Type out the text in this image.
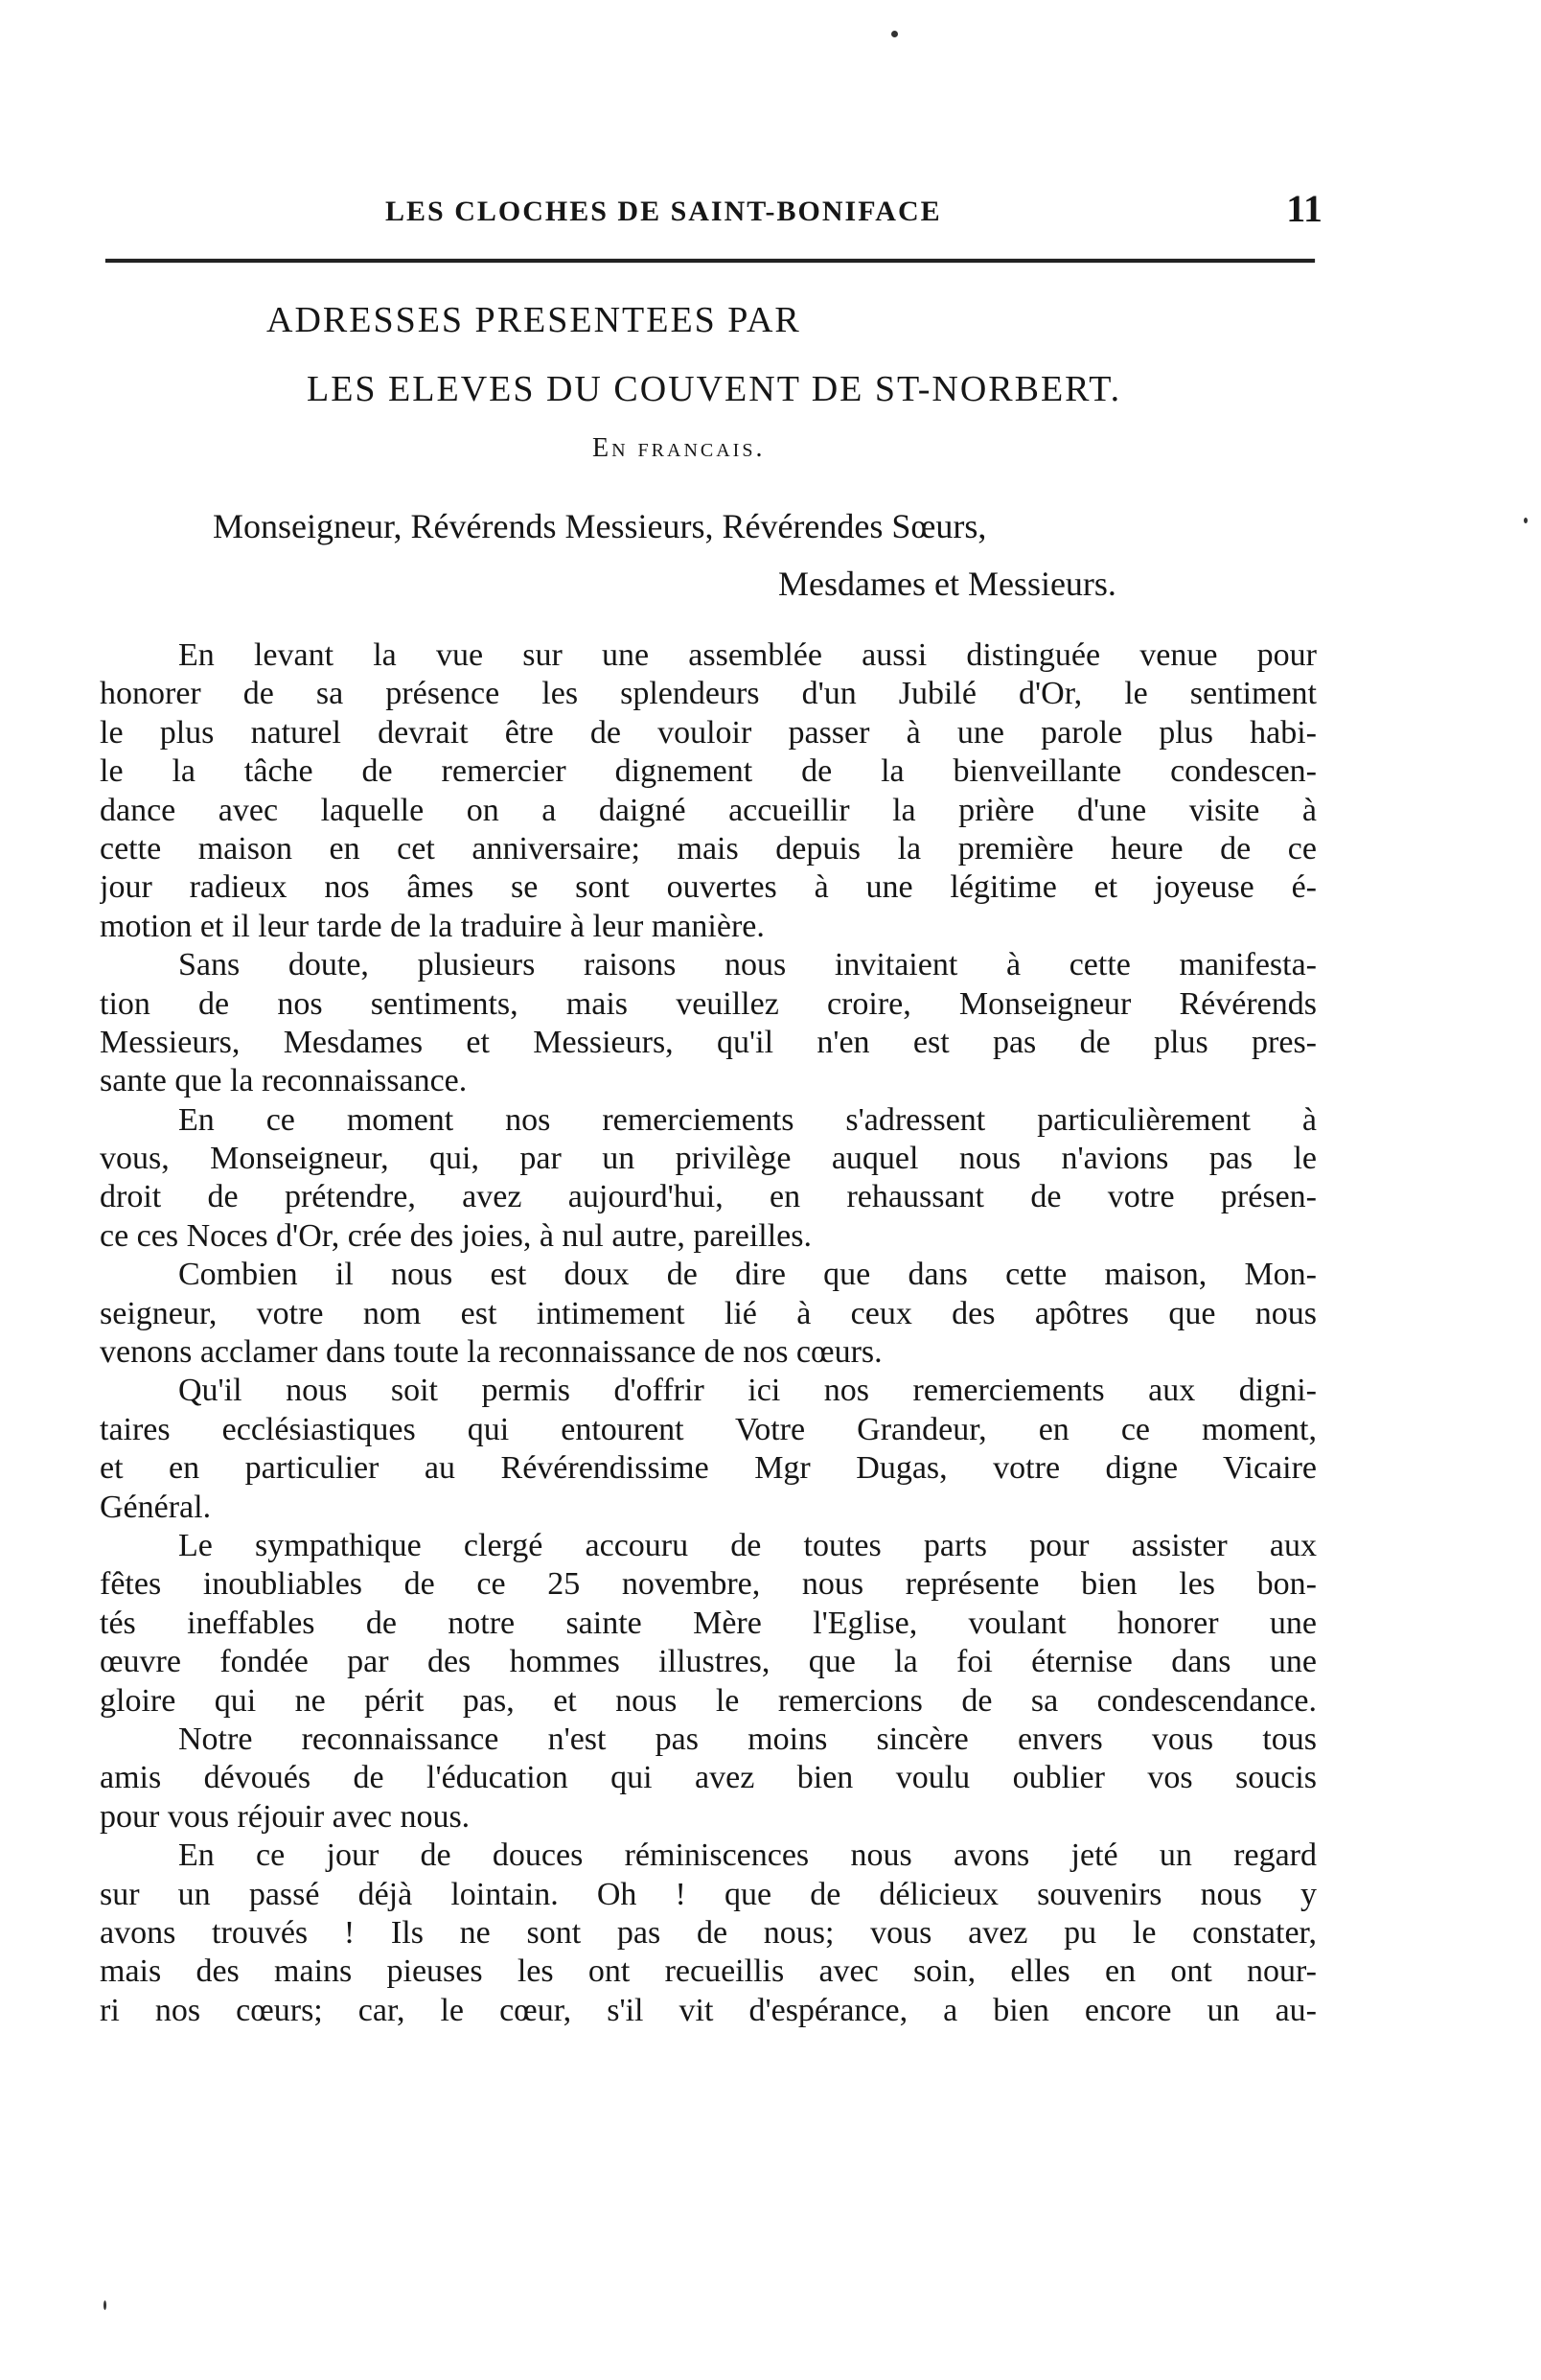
LES CLOCHES DE SAINT-BONIFACE	11
ADRESSES PRESENTEES PAR
LES ELEVES DU COUVENT DE ST-NORBERT.
En francais.
Monseigneur, Révérends Messieurs, Révérendes Sœurs,
Mesdames et Messieurs.
En levant la vue sur une assemblée aussi distinguée venue pour
honorer de sa présence les splendeurs d'un Jubilé d'Or, le sentiment
le plus naturel devrait être de vouloir passer à une parole plus habi-
le la tâche de remercier dignement de la bienveillante condescen-
dance avec laquelle on a daigné accueillir la prière d'une visite à
cette maison en cet anniversaire; mais depuis la première heure de ce
jour radieux nos âmes se sont ouvertes à une légitime et joyeuse é-
motion et il leur tarde de la traduire à leur manière.
Sans doute, plusieurs raisons nous invitaient à cette manifesta-
tion de nos sentiments, mais veuillez croire, Monseigneur Révérends
Messieurs, Mesdames et Messieurs, qu'il n'en est pas de plus pres-
sante que la reconnaissance.
En ce moment nos remerciements s'adressent particulièrement à
vous, Monseigneur, qui, par un privilège auquel nous n'avions pas le
droit de prétendre, avez aujourd'hui, en rehaussant de votre présen-
ce ces Noces d'Or, crée des joies, à nul autre, pareilles.
Combien il nous est doux de dire que dans cette maison, Mon-
seigneur, votre nom est intimement lié à ceux des apôtres que nous
venons acclamer dans toute la reconnaissance de nos cœurs.
Qu'il nous soit permis d'offrir ici nos remerciements aux digni-
taires ecclésiastiques qui entourent Votre Grandeur, en ce moment,
et en particulier au Révérendissime Mgr Dugas, votre digne Vicaire
Général.
Le sympathique clergé accouru de toutes parts pour assister aux
fêtes inoubliables de ce 25 novembre, nous représente bien les bon-
tés ineffables de notre sainte Mère l'Eglise, voulant honorer une
œuvre fondée par des hommes illustres, que la foi éternise dans une
gloire qui ne périt pas, et nous le remercions de sa condescendance.
Notre reconnaissance n'est pas moins sincère envers vous tous
amis dévoués de l'éducation qui avez bien voulu oublier vos soucis
pour vous réjouir avec nous.
En ce jour de douces réminiscences nous avons jeté un regard
sur un passé déjà lointain. Oh ! que de délicieux souvenirs nous y
avons trouvés ! Ils ne sont pas de nous; vous avez pu le constater,
mais des mains pieuses les ont recueillis avec soin, elles en ont nour-
ri nos cœurs; car, le cœur, s'il vit d'espérance, a bien encore un au-
